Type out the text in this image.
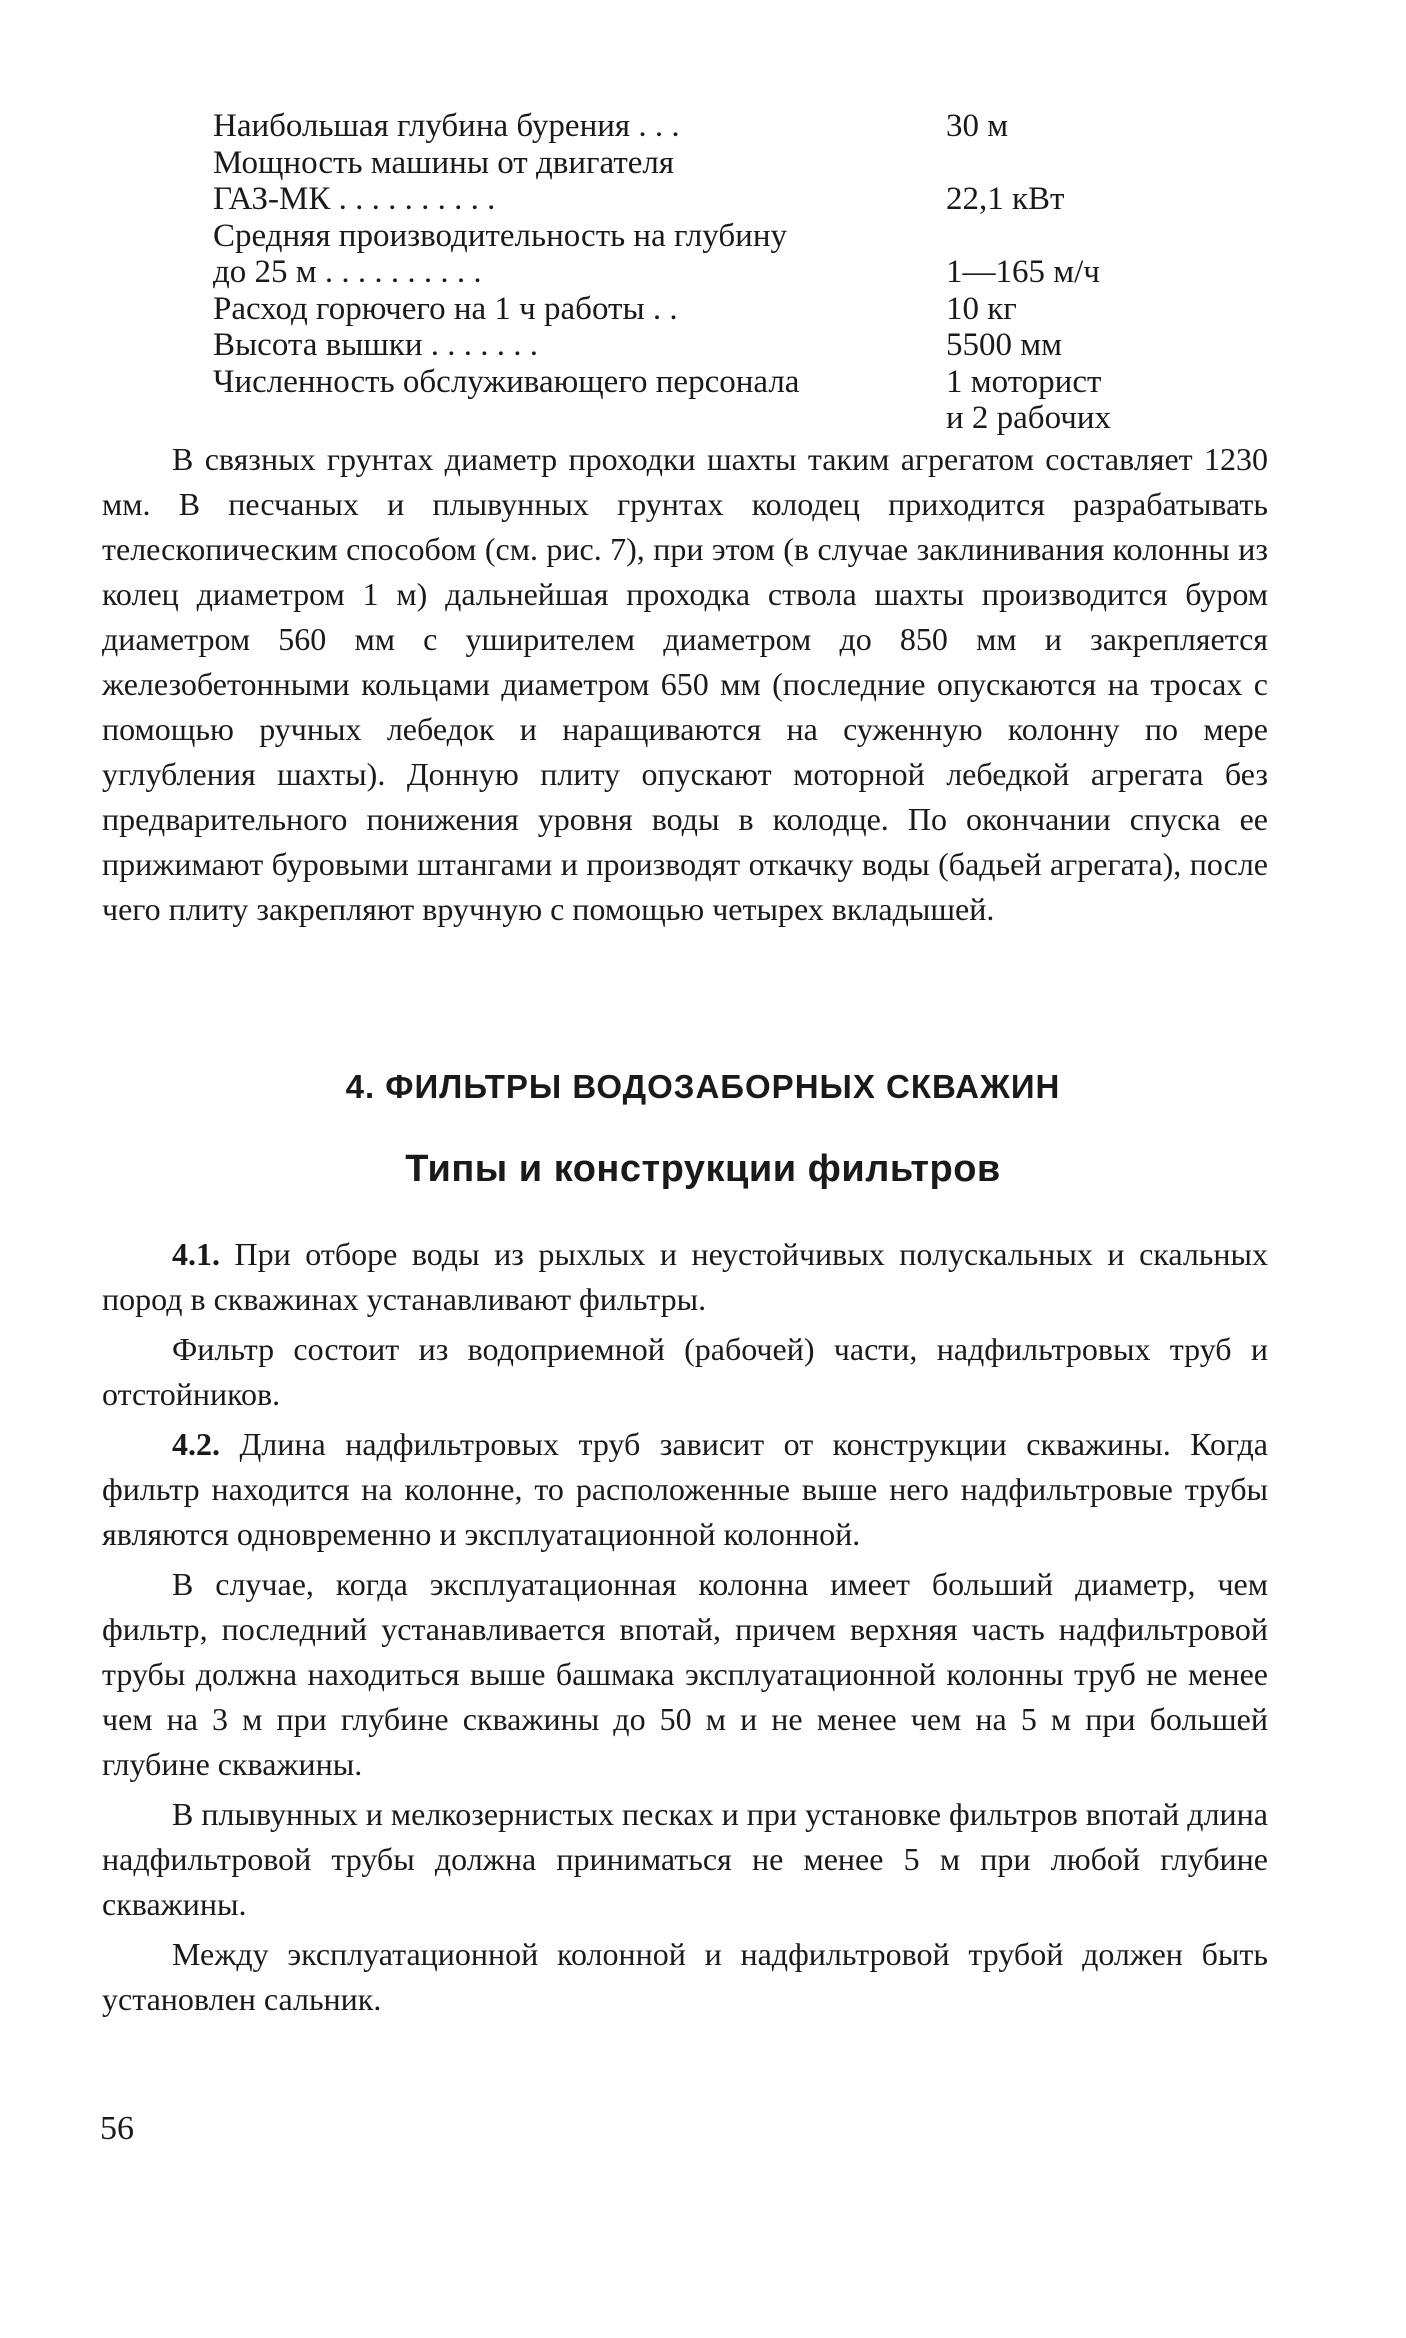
Наибольшая глубина бурения . . .	30 м
Мощность машины от двигателя
ГАЗ-МК . . . . . . . . . .
	22,1 кВт
Средняя производительность на глубину
до 25 м . . . . . . . . . .
	1—165 м/ч
Расход горючего на 1 ч работы . .	10 кг
Высота вышки . . . . . . .	5500 мм
Численность обслуживающего персонала	1 моторист
и 2 рабочих

В связных грунтах диаметр проходки шахты таким агрегатом составляет 1230 мм. В песчаных и плывунных грунтах колодец приходится разрабатывать телескопическим способом (см. рис. 7), при этом (в случае заклинивания колонны из колец диаметром 1 м) дальнейшая проходка ствола шахты производится буром диаметром 560 мм с уширителем диаметром до 850 мм и закрепляется железобетонными кольцами диаметром 650 мм (последние опускаются на тросах с помощью ручных лебедок и наращиваются на суженную колонну по мере углубления шахты). Донную плиту опускают моторной лебедкой агрегата без предварительного понижения уровня воды в колодце. По окончании спуска ее прижимают буровыми штангами и производят откачку воды (бадьей агрегата), после чего плиту закрепляют вручную с помощью четырех вкладышей.

4. ФИЛЬТРЫ ВОДОЗАБОРНЫХ СКВАЖИН
Типы и конструкции фильтров

4.1. При отборе воды из рыхлых и неустойчивых полускальных и скальных пород в скважинах устанавливают фильтры.

Фильтр состоит из водоприемной (рабочей) части, надфильтровых труб и отстойников.

4.2. Длина надфильтровых труб зависит от конструкции скважины. Когда фильтр находится на колонне, то расположенные выше него надфильтровые трубы являются одновременно и эксплуатационной колонной.

В случае, когда эксплуатационная колонна имеет больший диаметр, чем фильтр, последний устанавливается впотай, причем верхняя часть надфильтровой трубы должна находиться выше башмака эксплуатационной колонны труб не менее чем на 3 м при глубине скважины до 50 м и не менее чем на 5 м при большей глубине скважины.

В плывунных и мелкозернистых песках и при установке фильтров впотай длина надфильтровой трубы должна приниматься не менее 5 м при любой глубине скважины.

Между эксплуатационной колонной и надфильтровой трубой должен быть установлен сальник.

56
